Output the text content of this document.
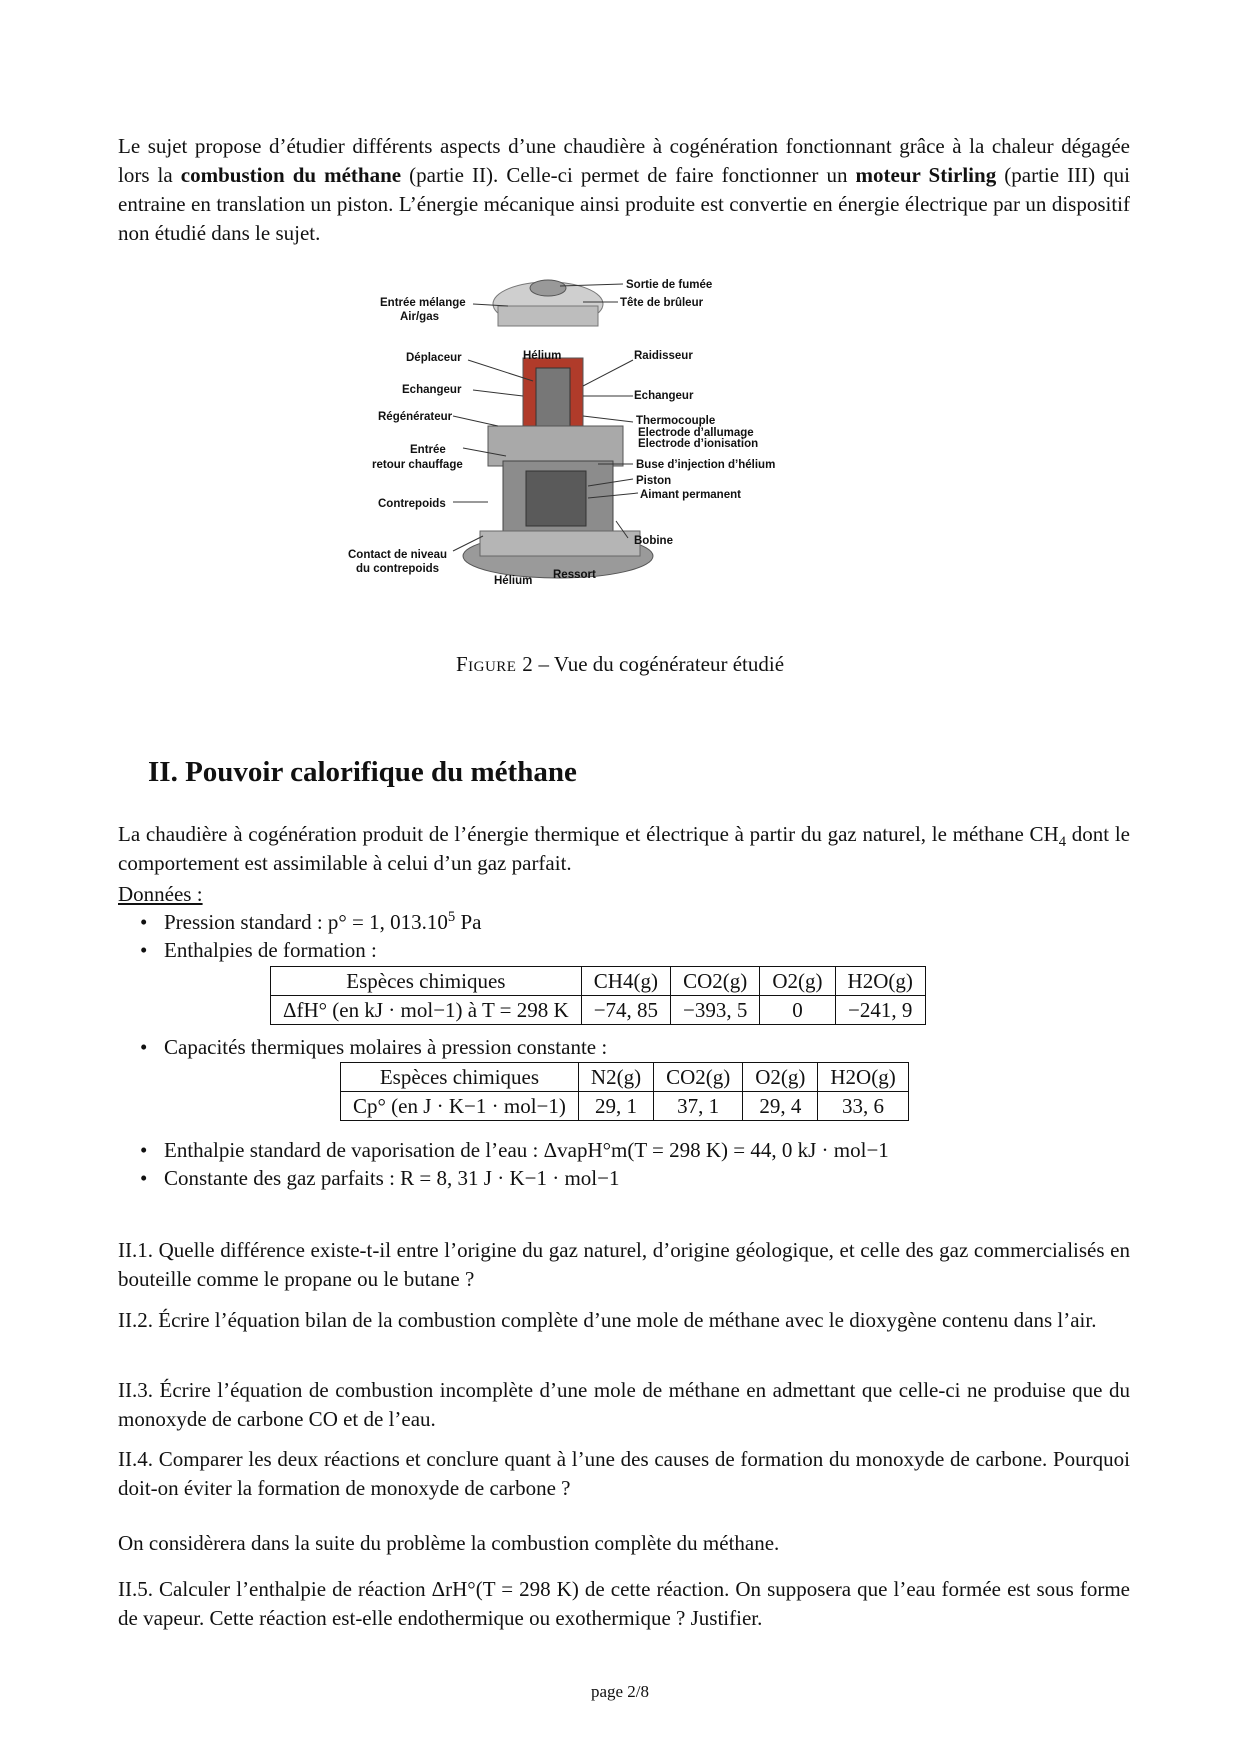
Le sujet propose d’étudier différents aspects d’une chaudière à cogénération fonctionnant grâce à la chaleur dégagée lors la combustion du méthane (partie II). Celle-ci permet de faire fonctionner un moteur Stirling (partie III) qui entraine en translation un piston. L’énergie mécanique ainsi produite est convertie en énergie électrique par un dispositif non étudié dans le sujet.
Sortie de fumée
Tête de brûleur
Entrée mélange
Air/gas
Déplaceur	Hélium	Raidisseur
Echangeur	Echangeur
Régénérateur	Thermocouple
Electrode d’allumage
Electrode d’ionisation
Entrée
retour chauffage	Buse d’injection d’hélium
Piston
Aimant permanent
Contrepoids
Bobine
Contact de niveau
du contrepoids	Ressort
Hélium
Figure 2 – Vue du cogénérateur étudié
II. Pouvoir calorifique du méthane
La chaudière à cogénération produit de l’énergie thermique et électrique à partir du gaz naturel, le méthane $CH_4$ dont le comportement est assimilable à celui d’un gaz parfait.
Données :
• Pression standard : p° = 1, 013.10$^5$ Pa
• Enthalpies de formation :
Espèces chimiques	CH4(g)	CO2(g)	O2(g)	H2O(g)
ΔfH° (en kJ · mol−1) à T = 298 K	−74, 85	−393, 5	0	−241, 9
• Capacités thermiques molaires à pression constante :
Espèces chimiques	N2(g)	CO2(g)	O2(g)	H2O(g)
Cp° (en J · K−1 · mol−1)	29, 1	37, 1	29, 4	33, 6
• Enthalpie standard de vaporisation de l’eau : ΔvapH°m(T = 298 K) = 44, 0 kJ · mol−1
• Constante des gaz parfaits : R = 8, 31 J · K−1 · mol−1
II.1. Quelle différence existe-t-il entre l’origine du gaz naturel, d’origine géologique, et celle des gaz commercialisés en bouteille comme le propane ou le butane ?
II.2. Écrire l’équation bilan de la combustion complète d’une mole de méthane avec le dioxygène contenu dans l’air.
II.3. Écrire l’équation de combustion incomplète d’une mole de méthane en admettant que celle-ci ne produise que du monoxyde de carbone CO et de l’eau.
II.4. Comparer les deux réactions et conclure quant à l’une des causes de formation du monoxyde de carbone. Pourquoi doit-on éviter la formation de monoxyde de carbone ?
On considèrera dans la suite du problème la combustion complète du méthane.
II.5. Calculer l’enthalpie de réaction ΔrH°(T = 298 K) de cette réaction. On supposera que l’eau formée est sous forme de vapeur. Cette réaction est-elle endothermique ou exothermique ? Justifier.
page 2/8
